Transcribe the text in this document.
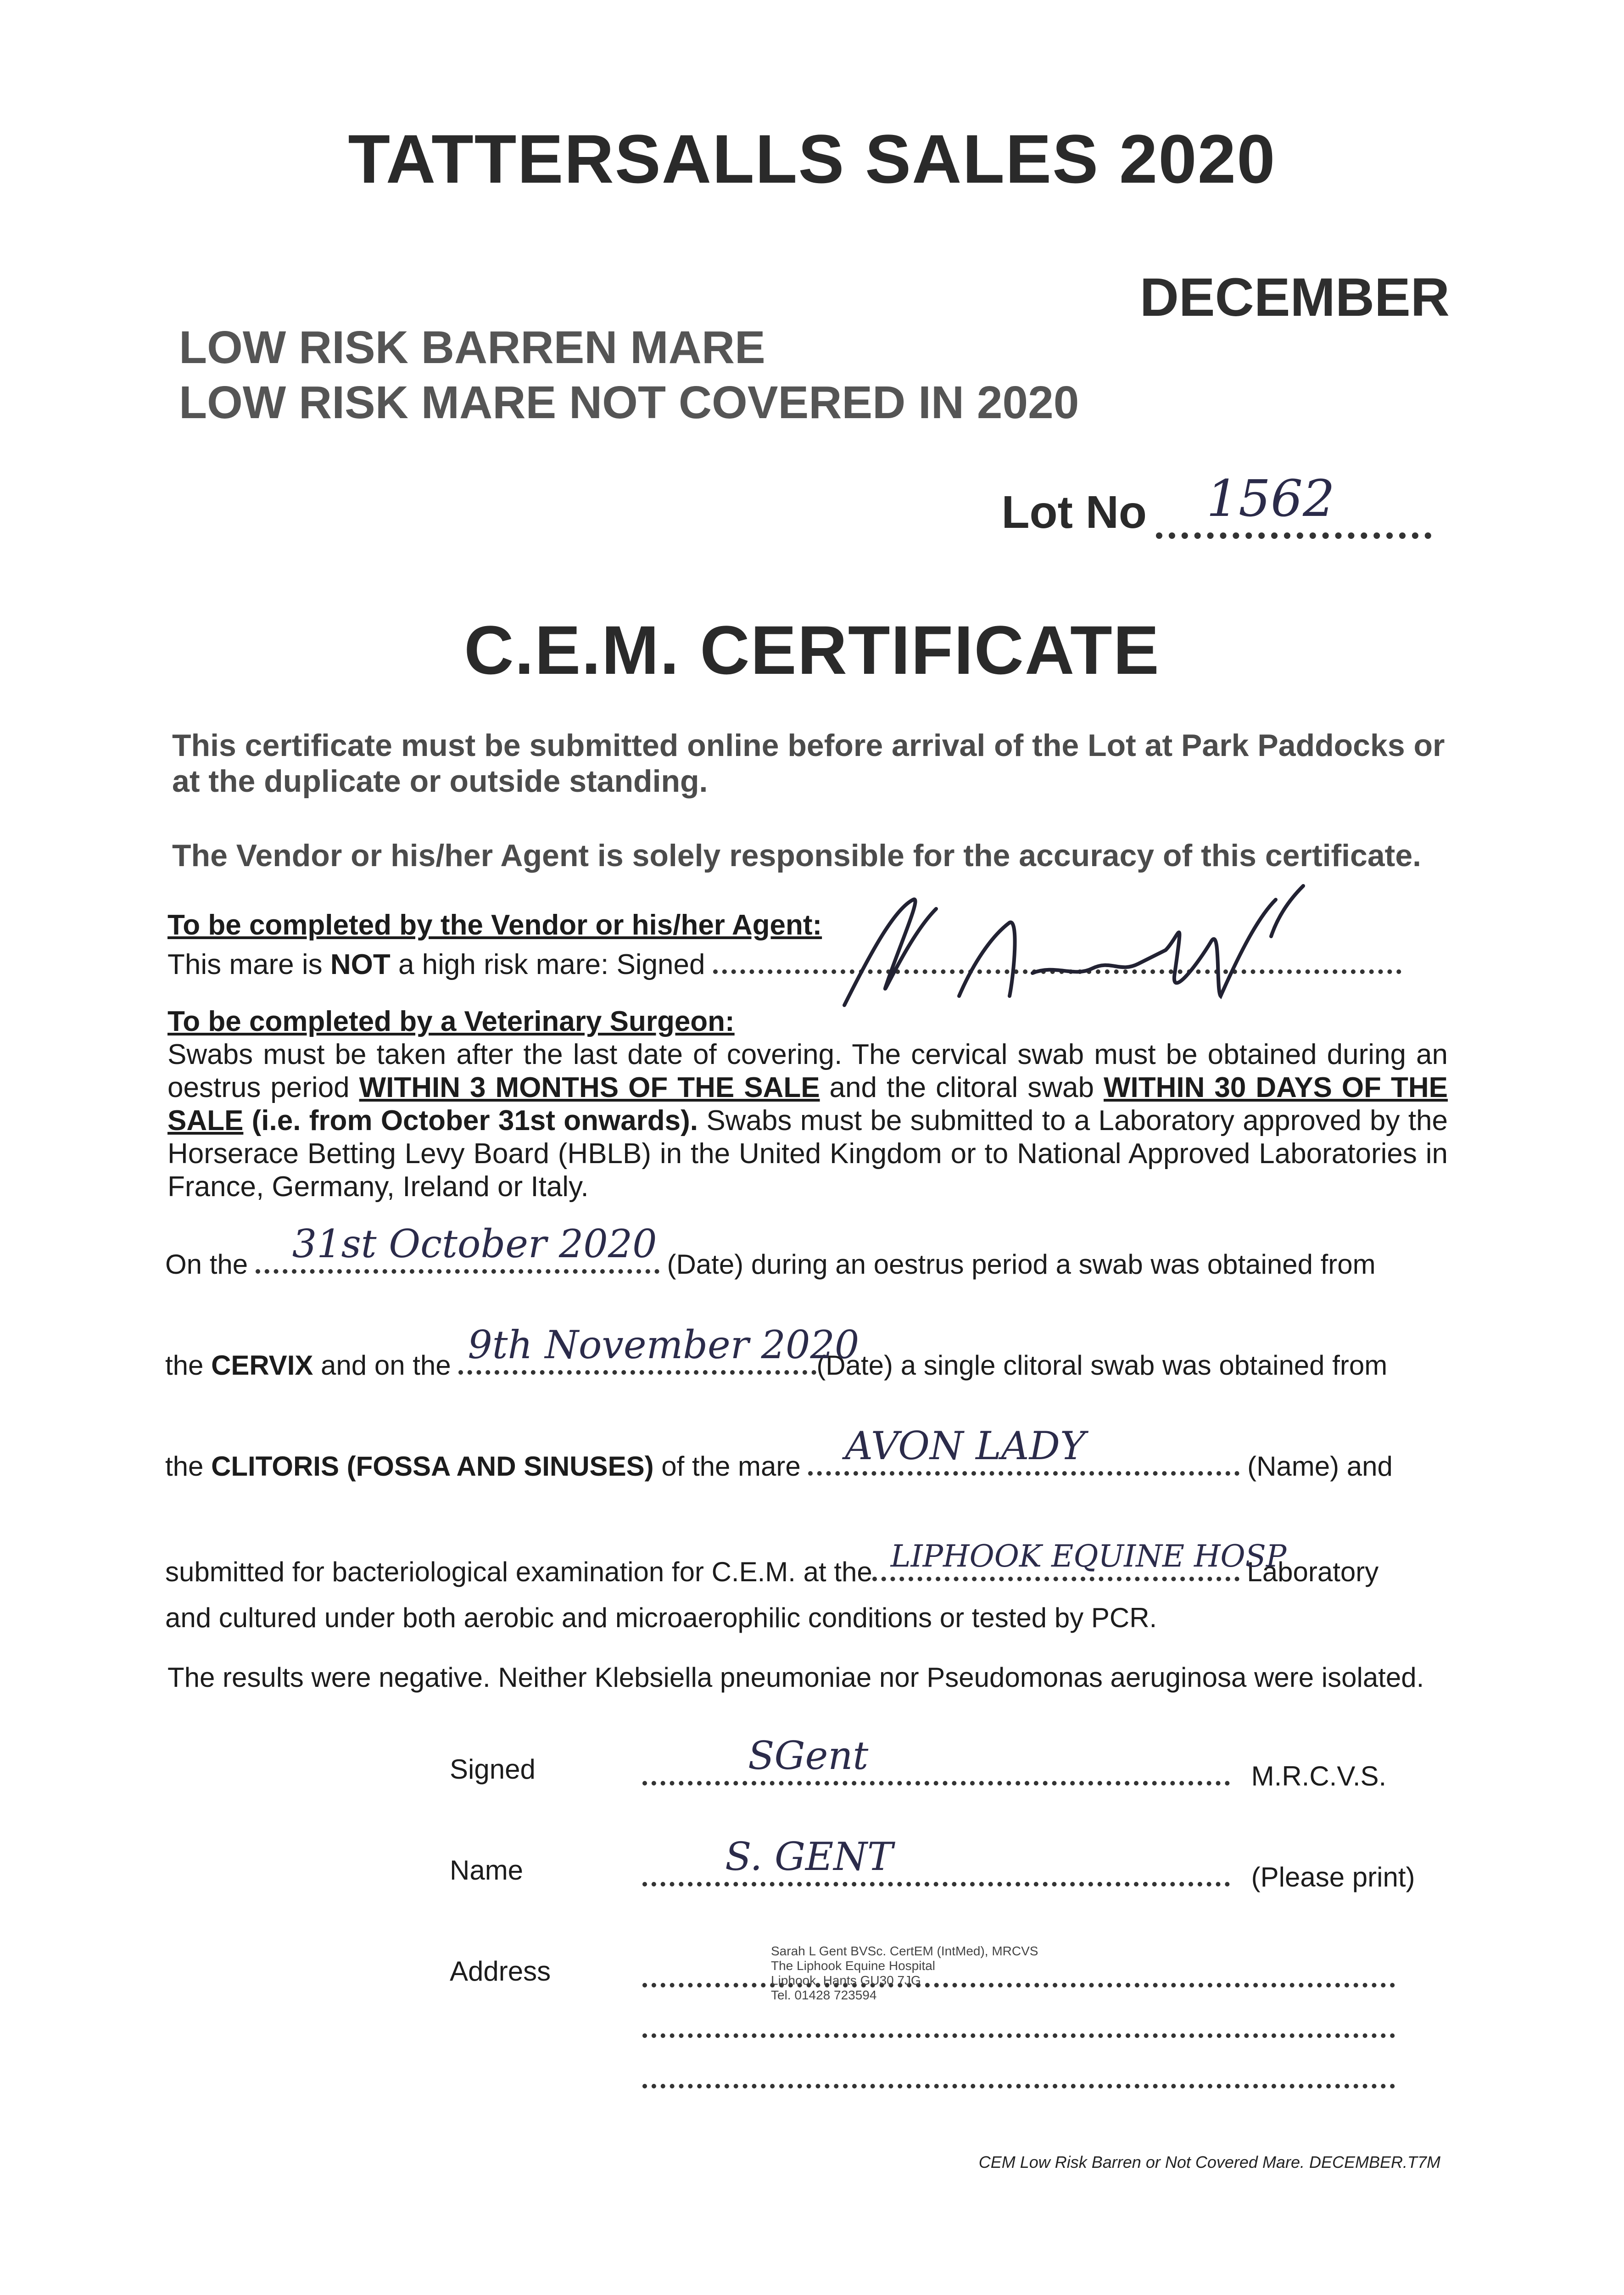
TATTERSALLS SALES 2020
DECEMBER
LOW RISK BARREN MARE
LOW RISK MARE NOT COVERED IN 2020
Lot No 1562
C.E.M. CERTIFICATE
This certificate must be submitted online before arrival of the Lot at Park Paddocks or at the duplicate or outside standing.
The Vendor or his/her Agent is solely responsible for the accuracy of this certificate.
To be completed by the Vendor or his/her Agent:
This mare is NOT a high risk mare: Signed
To be completed by a Veterinary Surgeon:
Swabs must be taken after the last date of covering. The cervical swab must be obtained during an oestrus period WITHIN 3 MONTHS OF THE SALE and the clitoral swab WITHIN 30 DAYS OF THE SALE (i.e. from October 31st onwards). Swabs must be submitted to a Laboratory approved by the Horserace Betting Levy Board (HBLB) in the United Kingdom or to National Approved Laboratories in France, Germany, Ireland or Italy.
On the 31st October 2020 (Date) during an oestrus period a swab was obtained from
the CERVIX and on the 9th November 2020
(Date) a single clitoral swab was obtained from
the CLITORIS (FOSSA AND SINUSES) of the mare AVON LADY	(Name) and
submitted for bacteriological examination for C.E.M. at the LIPHOOK EQUINE HOSP
Laboratory
and cultured under both aerobic and microaerophilic conditions or tested by PCR.
The results were negative. Neither Klebsiella pneumoniae nor Pseudomonas aeruginosa were isolated.
Signed	SGent	M.R.C.V.S.
Name	S. GENT	(Please print)
Address
Sarah L Gent BVSc. CertEM (IntMed), MRCVS
The Liphook Equine Hospital
Liphook, Hants GU30 7JG
Tel. 01428 723594
CEM Low Risk Barren or Not Covered Mare. DECEMBER.T7M
